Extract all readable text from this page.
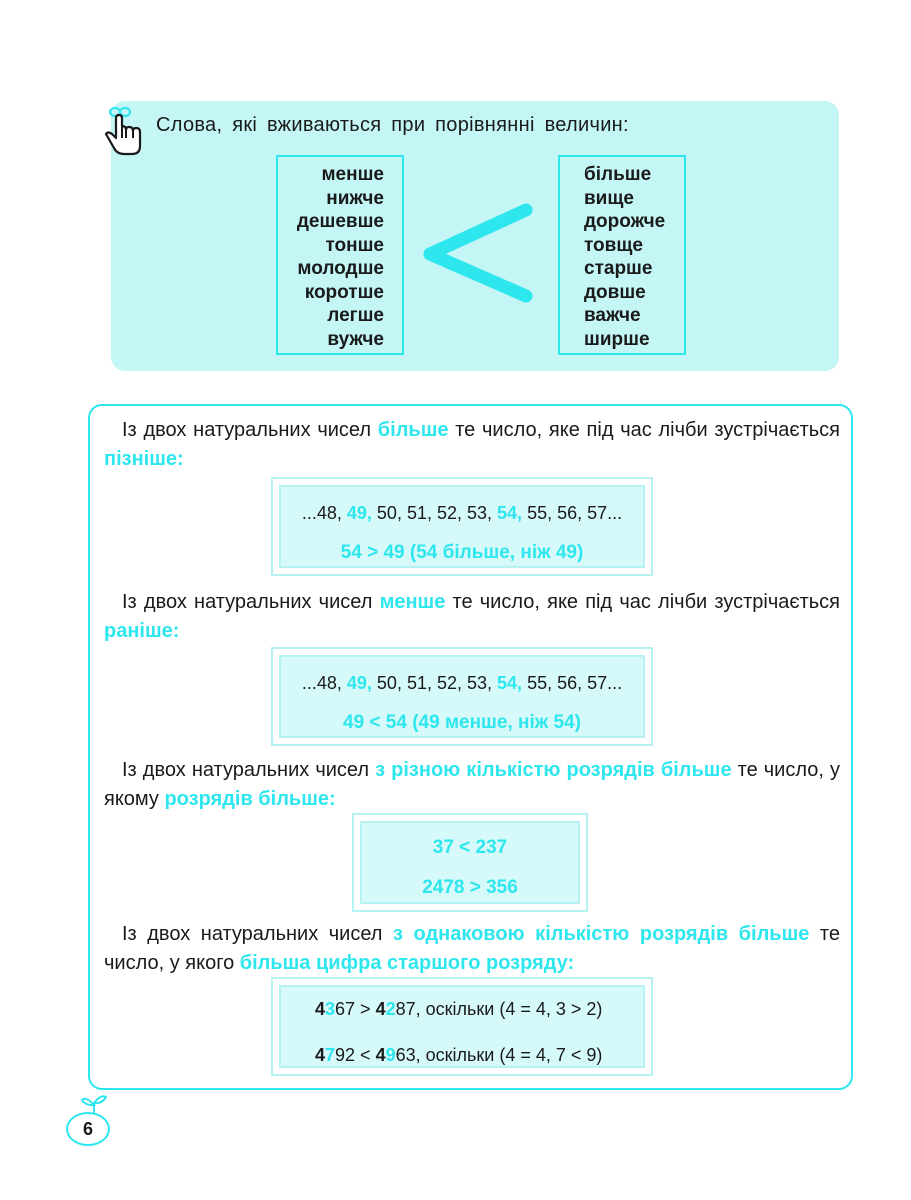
Слова, які вживаються при порівнянні величин:
менше
нижче
дешевше
тонше
молодше
коротше
легше
вужче
більше
вище
дорожче
товще
старше
довше
важче
ширше

Із двох натуральних чисел більше те число, яке під час лічби зустрічається пізніше:

...48, 49, 50, 51, 52, 53, 54, 55, 56, 57...
54 > 49 (54 більше, ніж 49)

Із двох натуральних чисел менше те число, яке під час лічби зустрічається раніше:

...48, 49, 50, 51, 52, 53, 54, 55, 56, 57...
49 < 54 (49 менше, ніж 54)

Із двох натуральних чисел з різною кількістю розрядів більше те число, у якому розрядів більше:

37 < 237
2478 > 356

Із двох натуральних чисел з однаковою кількістю розрядів більше те число, у якого більша цифра старшого розряду:

4367 > 4287, оскільки (4 = 4, 3 > 2)
4792 < 4963, оскільки (4 = 4, 7 < 9)
6
